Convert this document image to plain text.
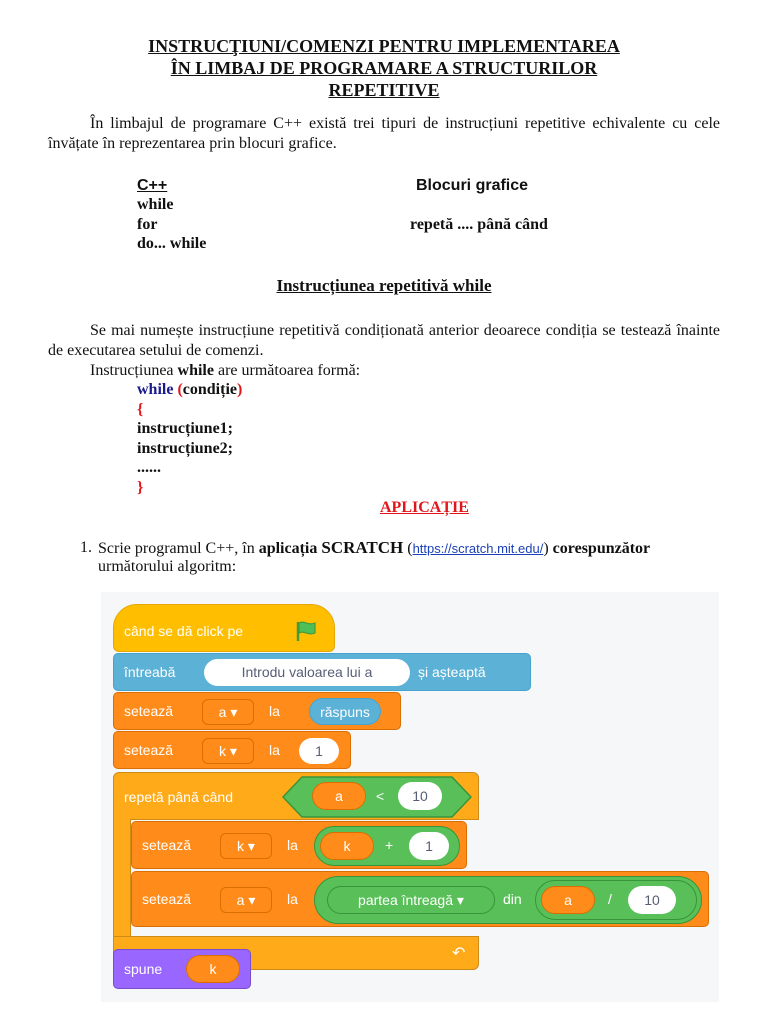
INSTRUCŢIUNI/COMENZI PENTRU IMPLEMENTAREA
ÎN LIMBAJ DE PROGRAMARE A STRUCTURILOR
REPETITIVE
În limbajul de programare C++ există trei tipuri de instrucțiuni repetitive echivalente cu cele învățate în reprezentarea prin blocuri grafice.
C++	Blocuri grafice
while
for	repetă .... până când
do... while
Instrucțiunea repetitivă while
Se mai numește instrucțiune repetitivă condiționată anterior deoarece condiția se testează înainte de executarea setului de comenzi.
Instrucțiunea while are următoarea formă:
while (condiție)
{
instrucțiune1;
instrucțiune2;
......
}
APLICAȚIE
1. Scrie programul C++, în aplicația SCRATCH (https://scratch.mit.edu/) corespunzător
următorului algoritm:
când se dă click pe
întreabă	Introdu valoarea lui a	și așteaptă
setează	a ▾	la	răspuns
setează	k ▾	la	1
repetă până când	a	<	10
↶
setează	k ▾	la	k	+	1
setează	a ▾	la	partea întreagă ▾	din	a	/	10
spune	k
